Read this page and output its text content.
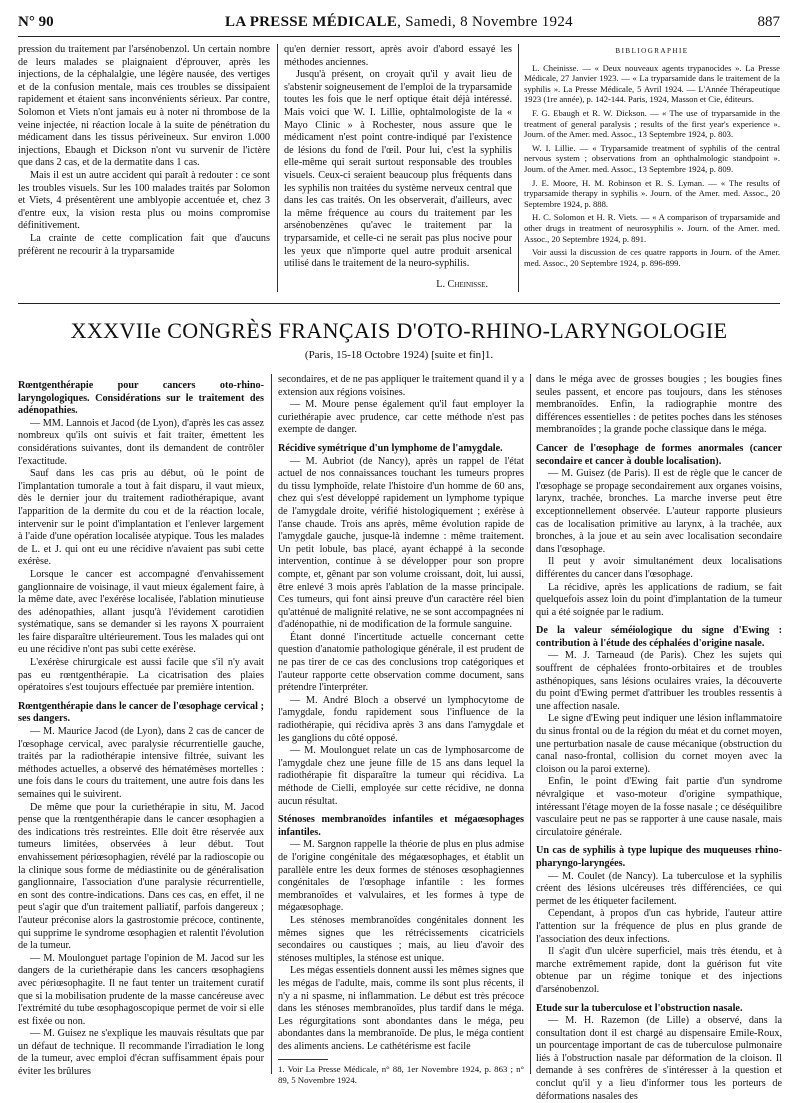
N° 90	LA PRESSE MÉDICALE, Samedi, 8 Novembre 1924	887

pression du traitement par l'arsénobenzol. Un certain nombre de leurs malades se plaignaient d'éprouver, après les injections, de la céphalalgie, une légère nausée, des vertiges et de la confusion mentale, mais ces troubles se dissipaient rapidement et étaient sans inconvénients sérieux. Par contre, Solomon et Viets n'ont jamais eu à noter ni thrombose de la veine injectée, ni réaction locale à la suite de pénétration du médicament dans les tissus périveineux. Sur environ 1.000 injections, Ebaugh et Dickson n'ont vu survenir de l'ictère que dans 2 cas, et de la dermatite dans 1 cas.

Mais il est un autre accident qui paraît à redouter : ce sont les troubles visuels. Sur les 100 malades traités par Solomon et Viets, 4 présentèrent une amblyopie accentuée et, chez 3 d'entre eux, la vision resta plus ou moins compromise définitivement.

La crainte de cette complication fait que d'aucuns préfèrent ne recourir à la tryparsamide

qu'en dernier ressort, après avoir d'abord essayé les méthodes anciennes.

Jusqu'à présent, on croyait qu'il y avait lieu de s'abstenir soigneusement de l'emploi de la tryparsamide toutes les fois que le nerf optique était déjà intéressé. Mais voici que W. I. Lillie, ophtalmologiste de la « Mayo Clinic » à Rochester, nous assure que le médicament n'est point contre-indiqué par l'existence de lésions du fond de l'œil. Pour lui, c'est la syphilis elle-même qui serait surtout responsable des troubles visuels. Ceux-ci seraient beaucoup plus fréquents dans les syphilis non traitées du système nerveux central que dans les cas traités. On les observerait, d'ailleurs, avec la même fréquence au cours du traitement par les arsénobenzènes qu'avec le traitement par la tryparsamide, et celle-ci ne serait pas plus nocive pour les yeux que n'importe quel autre produit arsenical utilisé dans le traitement de la neuro-syphilis.

L. Cheinisse.

BIBLIOGRAPHIE

L. Cheinisse. — « Deux nouveaux agents trypanocides ». La Presse Médicale, 27 Janvier 1923. — « La tryparsamide dans le traitement de la syphilis ». La Presse Médicale, 5 Avril 1924. — L'Année Thérapeutique 1923 (1re année), p. 142-144. Paris, 1924, Masson et Cie, éditeurs.

F. G. Ebaugh et R. W. Dickson. — « The use of tryparsamide in the treatment of general paralysis ; results of the first year's experience ». Journ. of the Amer. med. Assoc., 13 Septembre 1924, p. 803.

W. I. Lillie. — « Tryparsamide treatment of syphilis of the central nervous system ; observations from an ophthalmologic standpoint ». Journ. of the Amer. med. Assoc., 13 Septembre 1924, p. 809.

J. E. Moore, H. M. Robinson et R. S. Lyman. — « The results of tryparsamide therapy in syphilis ». Journ. of the Amer. med. Assoc., 20 Septembre 1924, p. 888.

H. C. Solomon et H. R. Viets. — « A comparison of tryparsamide and other drugs in treatment of neurosyphilis ». Journ. of the Amer. med. Assoc., 20 Septembre 1924, p. 891.

Voir aussi la discussion de ces quatre rapports in Journ. of the Amer. med. Assoc., 20 Septembre 1924, p. 896-899.

XXXVIIe CONGRÈS FRANÇAIS D'OTO-RHINO-LARYNGOLOGIE
(Paris, 15-18 Octobre 1924) [suite et fin]1.

Rœntgenthérapie pour cancers oto-rhino-laryngologiques. Considérations sur le traitement des adénopathies.

— MM. Lannois et Jacod (de Lyon), d'après les cas assez nombreux qu'ils ont suivis et fait traiter, émettent les considérations suivantes, dont ils demandent de contrôler l'exactitude.

Sauf dans les cas pris au début, où le point de l'implantation tumorale a tout à fait disparu, il vaut mieux, dès le dernier jour du traitement radiothérapique, avant l'apparition de la dermite du cou et de la réaction locale, intervenir sur le point d'implantation et l'enlever largement à l'aide d'une opération localisée atypique. Tous les malades de L. et J. qui ont eu une récidive n'avaient pas subi cette exérèse.

Lorsque le cancer est accompagné d'envahissement ganglionnaire de voisinage, il vaut mieux également faire, à la même date, avec l'exérèse localisée, l'ablation minutieuse des adénopathies, allant jusqu'à l'évidement carotidien systématique, sans se demander si les rayons X pourraient les faire disparaître ultérieurement. Tous les malades qui ont eu une récidive n'ont pas subi cette exérèse.

L'exérèse chirurgicale est aussi facile que s'il n'y avait pas eu rœntgenthérapie. La cicatrisation des plaies opératoires s'est toujours effectuée par première intention.

Rœntgenthérapie dans le cancer de l'œsophage cervical ; ses dangers.

— M. Maurice Jacod (de Lyon), dans 2 cas de cancer de l'œsophage cervical, avec paralysie récurrentielle gauche, traités par la radiothérapie intensive filtrée, suivant les méthodes actuelles, a observé des hématémèses mortelles : une fois dans le cours du traitement, une autre fois dans les semaines qui le suivirent.

De même que pour la curiethérapie in situ, M. Jacod pense que la rœntgenthérapie dans le cancer œsophagien a des indications très restreintes. Elle doit être réservée aux tumeurs limitées, observées à leur début. Tout envahissement périœsophagien, révélé par la radioscopie ou la clinique sous forme de médiastinite ou de généralisation ganglionnaire, l'association d'une paralysie récurrentielle, en sont des contre-indications. Dans ces cas, en effet, il ne peut s'agir que d'un traitement palliatif, parfois dangereux ; l'auteur préconise alors la gastrostomie précoce, continente, qui supprime le syndrome œsophagien et ralentit l'évolution de la tumeur.

— M. Moulonguet partage l'opinion de M. Jacod sur les dangers de la curiethérapie dans les cancers œsophagiens avec périœsophagite. Il ne faut tenter un traitement curatif que si la mobilisation prudente de la masse cancéreuse avec l'extrémité du tube œsophagoscopique permet de voir si elle est fixée ou non.

— M. Guisez ne s'explique les mauvais résultats que par un défaut de technique. Il recommande l'irradiation le long de la tumeur, avec emploi d'écran suffisamment épais pour éviter les brûlures

secondaires, et de ne pas appliquer le traitement quand il y a extension aux régions voisines.

— M. Moure pense également qu'il faut employer la curiethérapie avec prudence, car cette méthode n'est pas exempte de danger.

Récidive symétrique d'un lymphome de l'amygdale.

— M. Aubriot (de Nancy), après un rappel de l'état actuel de nos connaissances touchant les tumeurs propres du tissu lymphoïde, relate l'histoire d'un homme de 60 ans, chez qui s'est développé rapidement un lymphome typique de l'amygdale droite, vérifié histologiquement ; exérèse à l'anse chaude. Trois ans après, même évolution rapide de l'amygdale gauche, jusque-là indemne : même traitement. Un petit lobule, bas placé, ayant échappé à la seconde intervention, continue à se développer pour son propre compte, et, gênant par son volume croissant, doit, lui aussi, être enlevé 3 mois après l'ablation de la masse principale. Ces tumeurs, qui font ainsi preuve d'un caractère réel bien qu'atténué de malignité relative, ne se sont accompagnées ni d'adénopathie, ni de modification de la formule sanguine.

Étant donné l'incertitude actuelle concernant cette question d'anatomie pathologique générale, il est prudent de ne pas tirer de ce cas des conclusions trop catégoriques et l'auteur rapporte cette observation comme document, sans prétendre l'interpréter.

— M. André Bloch a observé un lymphocytome de l'amygdale, fondu rapidement sous l'influence de la radiothérapie, qui récidiva après 3 ans dans l'amygdale et les ganglions du côté opposé.

— M. Moulonguet relate un cas de lymphosarcome de l'amygdale chez une jeune fille de 15 ans dans lequel la radiothérapie fit disparaître la tumeur qui récidiva. La méthode de Cielli, employée sur cette récidive, ne donna aucun résultat.

Sténoses membranoïdes infantiles et mégaœsophages infantiles.

— M. Sargnon rappelle la théorie de plus en plus admise de l'origine congénitale des mégaœsophages, et établit un parallèle entre les deux formes de sténoses œsophagiennes congénitales de l'œsophage infantile : les formes membranoïdes et valvulaires, et les formes à type de mégaœsophage.

Les sténoses membranoïdes congénitales donnent les mêmes signes que les rétrécissements cicatriciels secondaires ou caustiques ; mais, au lieu d'avoir des sténoses multiples, la sténose est unique.

Les mégas essentiels donnent aussi les mêmes signes que les mégas de l'adulte, mais, comme ils sont plus récents, il n'y a ni spasme, ni inflammation. Le début est très précoce dans les sténoses membranoïdes, plus tardif dans le méga. Les régurgitations sont abondantes dans le méga, peu abondantes dans la membranoïde. De plus, le méga contient des aliments anciens. Le cathétérisme est facile

1. Voir La Presse Médicale, n° 88, 1er Novembre 1924, p. 863 ; n° 89, 5 Novembre 1924.

dans le méga avec de grosses bougies ; les bougies fines seules passent, et encore pas toujours, dans les sténoses membranoïdes. Enfin, la radiographie montre des différences essentielles : de petites poches dans les sténoses membranoïdes ; la grande poche classique dans le méga.

Cancer de l'œsophage de formes anormales (cancer secondaire et cancer à double localisation).

— M. Guisez (de Paris). Il est de règle que le cancer de l'œsophage se propage secondairement aux organes voisins, larynx, trachée, bronches. La marche inverse peut être exceptionnellement observée. L'auteur rapporte plusieurs cas de localisation primitive au larynx, à la trachée, aux bronches, à la joue et au sein avec localisation secondaire dans l'œsophage.

Il peut y avoir simultanément deux localisations différentes du cancer dans l'œsophage.

La récidive, après les applications de radium, se fait quelquefois assez loin du point d'implantation de la tumeur qui a été soignée par le radium.

De la valeur séméiologique du signe d'Ewing : contribution à l'étude des céphalées d'origine nasale.

— M. J. Tarneaud (de Paris). Chez les sujets qui souffrent de céphalées fronto-orbitaires et de troubles asthénopiques, sans lésions oculaires vraies, la découverte du point d'Ewing permet d'attribuer les troubles ressentis à une affection nasale.

Le signe d'Ewing peut indiquer une lésion inflammatoire du sinus frontal ou de la région du méat et du cornet moyen, une perturbation nasale de cause mécanique (obstruction du canal naso-frontal, collision du cornet moyen avec la cloison ou la paroi externe).

Enfin, le point d'Ewing fait partie d'un syndrome névralgique et vaso-moteur d'origine sympathique, intéressant l'étage moyen de la fosse nasale ; ce déséquilibre vasculaire peut ne pas se rapporter à une cause nasale, mais circulatoire générale.

Un cas de syphilis à type lupique des muqueuses rhino-pharyngo-laryngées.

— M. Coulet (de Nancy). La tuberculose et la syphilis créent des lésions ulcéreuses très différenciées, ce qui permet de les étiqueter facilement.

Cependant, à propos d'un cas hybride, l'auteur attire l'attention sur la fréquence de plus en plus grande de l'association des deux infections.

Il s'agit d'un ulcère superficiel, mais très étendu, et à marche extrêmement rapide, dont la guérison fut vite obtenue par un régime tonique et des injections d'arsénobenzol.

Etude sur la tuberculose et l'obstruction nasale.

— M. H. Razemon (de Lille) a observé, dans la consultation dont il est chargé au dispensaire Emile-Roux, un pourcentage important de cas de tuberculose pulmonaire liés à l'obstruction nasale par déformation de la cloison. Il demande à ses confrères de s'intéresser à la question et conclut qu'il y a lieu d'informer tous les porteurs de déformations nasales des
